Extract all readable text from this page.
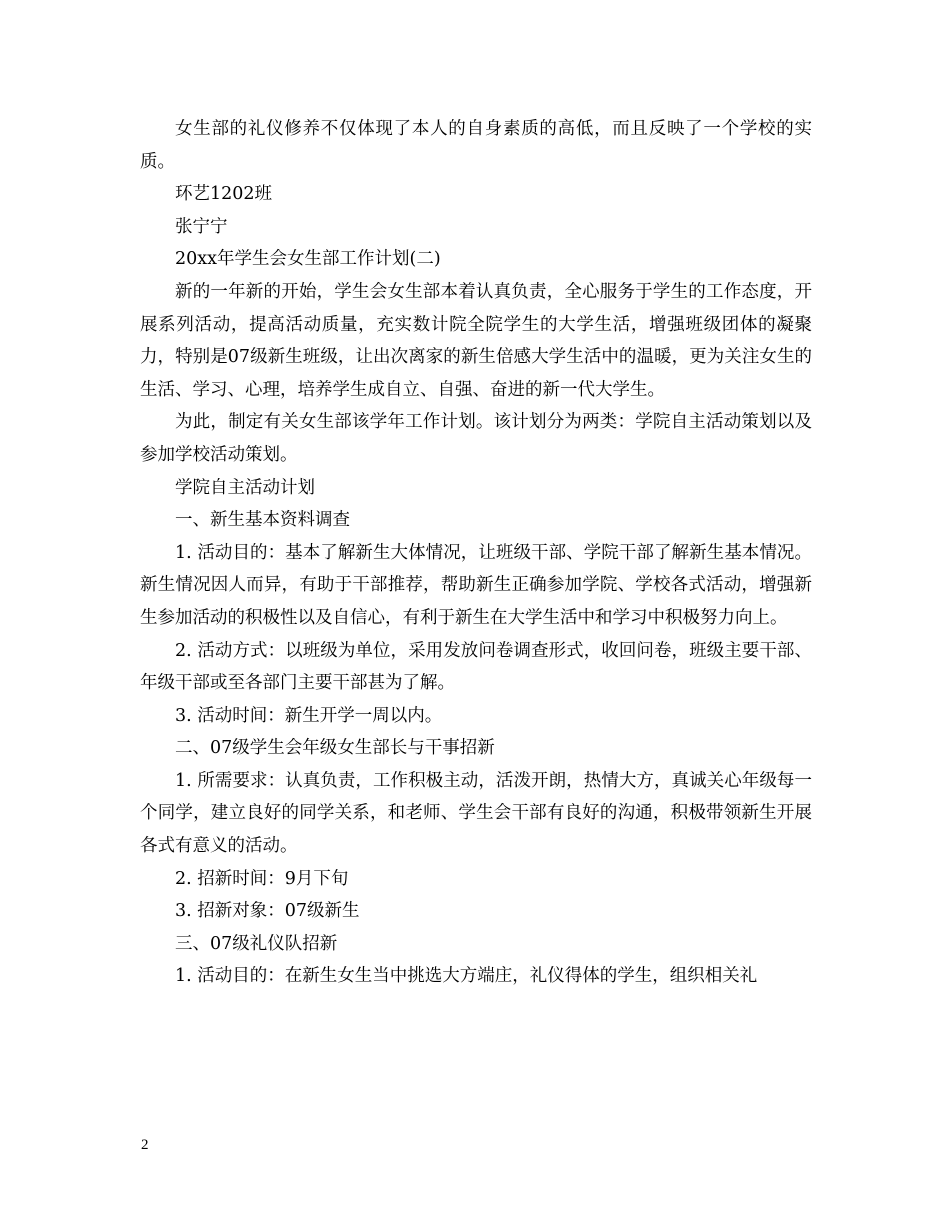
女生部的礼仪修养不仅体现了本人的自身素质的高低，而且反映了一个学校的实质。

环艺1202班

张宁宁

20xx年学生会女生部工作计划(二)

新的一年新的开始，学生会女生部本着认真负责，全心服务于学生的工作态度，开展系列活动，提高活动质量，充实数计院全院学生的大学生活，增强班级团体的凝聚力，特别是07级新生班级，让出次离家的新生倍感大学生活中的温暖，更为关注女生的生活、学习、心理，培养学生成自立、自强、奋进的新一代大学生。

为此，制定有关女生部该学年工作计划。该计划分为两类：学院自主活动策划以及参加学校活动策划。

学院自主活动计划

一、新生基本资料调查

1. 活动目的：基本了解新生大体情况，让班级干部、学院干部了解新生基本情况。新生情况因人而异，有助于干部推荐，帮助新生正确参加学院、学校各式活动，增强新生参加活动的积极性以及自信心，有利于新生在大学生活中和学习中积极努力向上。

2. 活动方式：以班级为单位，采用发放问卷调查形式，收回问卷，班级主要干部、年级干部或至各部门主要干部甚为了解。

3. 活动时间：新生开学一周以内。

二、07级学生会年级女生部长与干事招新

1. 所需要求：认真负责，工作积极主动，活泼开朗，热情大方，真诚关心年级每一个同学，建立良好的同学关系，和老师、学生会干部有良好的沟通，积极带领新生开展各式有意义的活动。

2. 招新时间：9月下旬

3. 招新对象：07级新生

三、07级礼仪队招新

1. 活动目的：在新生女生当中挑选大方端庄，礼仪得体的学生，组织相关礼

2
